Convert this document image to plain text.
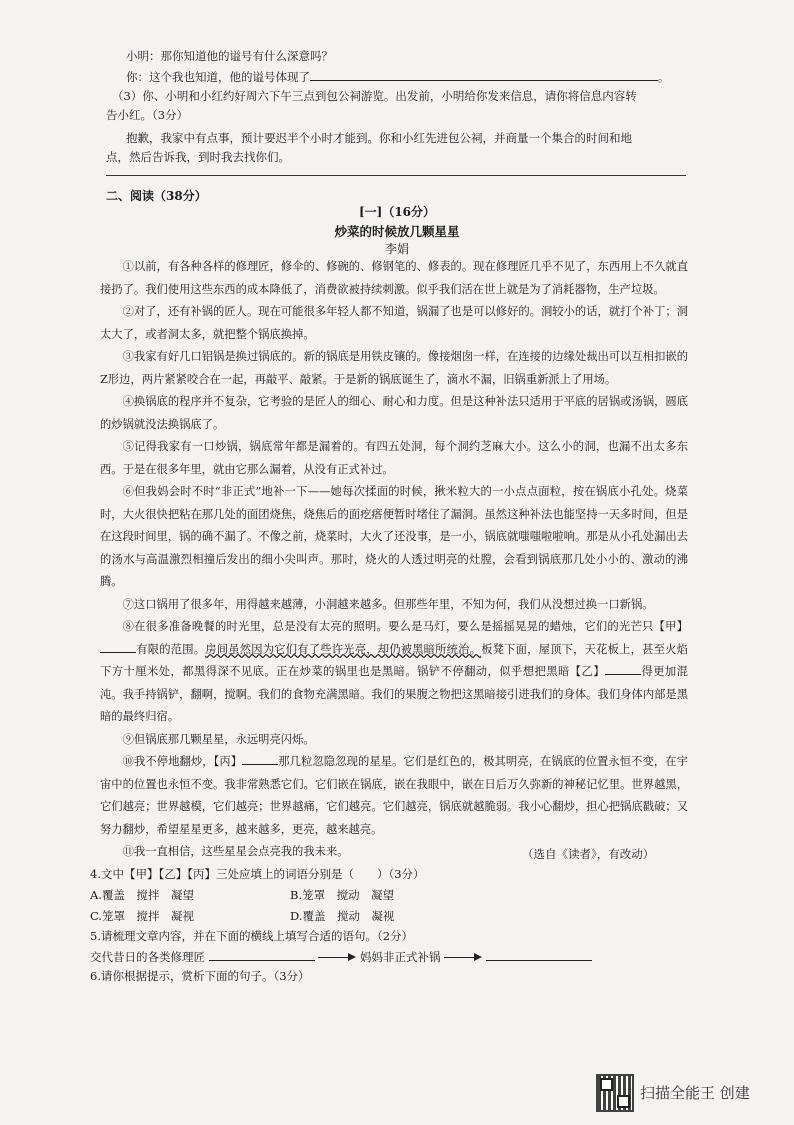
小明：那你知道他的谥号有什么深意吗？
你：这个我也知道，他的谥号体现了	。
（3）你、小明和小红约好周六下午三点到包公祠游览。出发前，小明给你发来信息，请你将信息内容转
告小红。（3分）
抱歉，我家中有点事，预计要迟半个小时才能到。你和小红先进包公祠，并商量一个集合的时间和地
点，然后告诉我，到时我去找你们。
二、阅读（38分）
[一]（16分）
炒菜的时候放几颗星星
李娟

①以前，有各种各样的修理匠，修伞的、修碗的、修钢笔的、修表的。现在修理匠几乎不见了，东西用上不久就直接扔了。我们使用这些东西的成本降低了，消费欲被持续刺激。似乎我们活在世上就是为了消耗器物，生产垃圾。

②对了，还有补锅的匠人。现在可能很多年轻人都不知道，锅漏了也是可以修好的。洞较小的话，就打个补丁；洞太大了，或者洞太多，就把整个锅底换掉。

③我家有好几口铝锅是换过锅底的。新的锅底是用铁皮镶的。像接烟囱一样，在连接的边缘处裁出可以互相扣嵌的Z形边，两片紧紧咬合在一起，再敲平、敲紧。于是新的锅底诞生了，滴水不漏，旧锅重新派上了用场。

④换锅底的程序并不复杂，它考验的是匠人的细心、耐心和力度。但是这种补法只适用于平底的居锅或汤锅，圆底的炒锅就没法换锅底了。

⑤记得我家有一口炒锅，锅底常年都是漏着的。有四五处洞，每个洞约芝麻大小。这么小的洞，也漏不出太多东西。于是在很多年里，就由它那么漏着，从没有正式补过。

⑥但我妈会时不时“非正式”地补一下——她每次揉面的时候，揪米粒大的一小点点面粒，按在锅底小孔处。烧菜时，大火很快把粘在那几处的面团烧焦，烧焦后的面疙瘩便暂时堵住了漏洞。虽然这种补法也能坚持一天多时间，但是在这段时间里，锅的确不漏了。不像之前，烧菜时，大火了还没事，是一小，锅底就嗤嗤啦啦响。那是从小孔处漏出去的汤水与高温激烈相撞后发出的细小尖叫声。那时，烧火的人透过明亮的灶膛，会看到锅底那几处小小的、激动的沸腾。

⑦这口锅用了很多年，用得越来越薄，小洞越来越多。但那些年里，不知为何，我们从没想过换一口新锅。

⑧在很多准备晚餐的时光里，总是没有太亮的照明。要么是马灯，要么是摇摇晃晃的蜡烛，它们的光芒只【甲】有限的范围。房间虽然因为它们有了些许光亮，却仍被黑暗所统治。板凳下面，屋顶下，天花板上，甚至火焰下方十厘米处，都黑得深不见底。正在炒菜的锅里也是黑暗。锅铲不停翻动，似乎想把黑暗【乙】	得更加混沌。我手持锅铲，翻啊，搅啊。我们的食物充满黑暗。我们的果腹之物把这黑暗接引进我们的身体。我们身体内部是黑暗的最终归宿。

⑨但锅底那几颗星星，永远明亮闪烁。

⑩我不停地翻炒，【丙】	那几粒忽隐忽现的星星。它们是红色的，极其明亮，在锅底的位置永恒不变，在宇宙中的位置也永恒不变。我非常熟悉它们。它们嵌在锅底，嵌在我眼中，嵌在日后万久弥新的神秘记忆里。世界越黑，它们越亮；世界越模，它们越亮；世界越痛，它们越亮。它们越亮，锅底就越脆弱。我小心翻炒，担心把锅底戳破；又努力翻炒，希望星星更多，越来越多，更亮，越来越亮。

⑪我一直相信，这些星星会点亮我的我未来。	（选自《读者》，有改动）
4.文中【甲】【乙】【丙】三处应填上的词语分别是（　　）（3分）
A.覆盖　搅拌　凝望	B.笼罩　搅动　凝望
C.笼罩　搅拌　凝视	D.覆盖　搅动　凝视
5.请梳理文章内容，并在下面的横线上填写合适的语句。（2分）
交代昔日的各类修理匠	妈妈非正式补锅
6.请你根据提示，赏析下面的句子。（3分）
扫描全能王 创建
